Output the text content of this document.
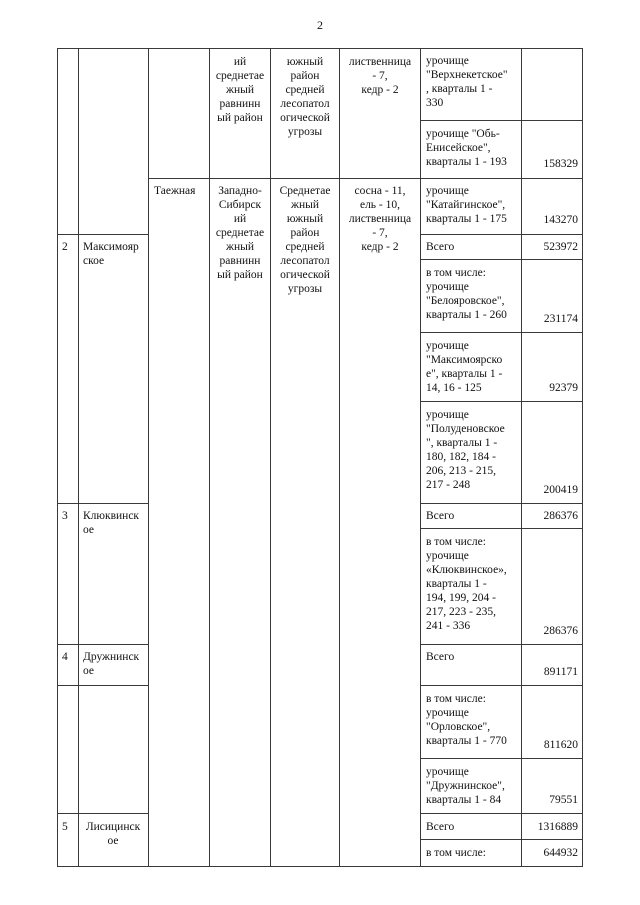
2
ий
среднетае
жный
равнинн
ый район
южный
район
средней
лесопатол
огической
угрозы
лиственница
- 7,
кедр - 2
Таежная	Западно-
Сибирск
ий
среднетае
жный
равнинн
ый район
Среднетае
жный
южный
район
средней
лесопатол
огической
угрозы
сосна - 11,
ель - 10,
лиственница
- 7,
кедр - 2
2 Максимояр
ское
3 Клюквинск
ое
4 Дружнинск
ое
5	Лисицинск
ое
урочище
"Верхнекетское"
, кварталы 1 -
330
урочище "Обь-
Енисейское",
кварталы 1 - 193
урочище
"Катайгинское",
кварталы 1 - 175
Всего
в том числе:
урочище
"Белояровское",
кварталы 1 - 260
урочище
"Максимоярско
е", кварталы 1 -
14, 16 - 125
урочище
"Полуденовское
", кварталы 1 -
180, 182, 184 -
206, 213 - 215,
217 - 248
Всего
в том числе:
урочище
«Клюквинское»,
кварталы 1 -
194, 199, 204 -
217, 223 - 235,
241 - 336
Всего
в том числе:
урочище
"Орловское",
кварталы 1 - 770
урочище
"Дружнинское",
кварталы 1 - 84
Всего
в том числе:
158329
143270
523972
231174
92379
200419
286376
286376
891171
811620
79551
1316889
644932
